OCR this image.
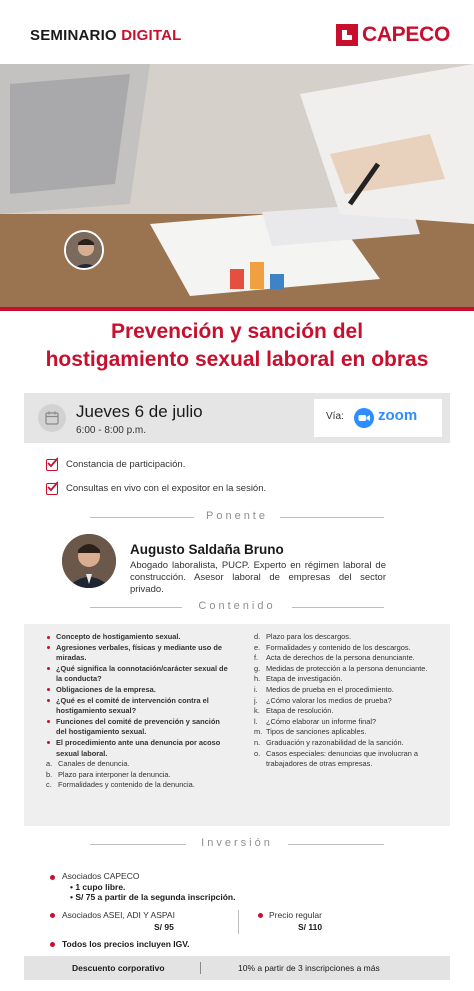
SEMINARIO DIGITAL	CAPECO
Prevención y sanción del
hostigamiento sexual laboral en obras
Jueves 6 de julio
6:00 - 8:00 p.m.
Vía: zoom
Constancia de participación.
Consultas en vivo con el expositor en la sesión.
Ponente
Augusto Saldaña Bruno
Abogado laboralista, PUCP. Experto en régimen laboral de construcción. Asesor laboral de empresas del sector privado.
Contenido
Concepto de hostigamiento sexual.
Agresiones verbales, físicas y mediante uso de miradas.
¿Qué significa la connotación/carácter sexual de la conducta?
Obligaciones de la empresa.
¿Qué es el comité de intervención contra el hostigamiento sexual?
Funciones del comité de prevención y sanción del hostigamiento sexual.
El procedimiento ante una denuncia por acoso sexual laboral.
a. Canales de denuncia.
b. Plazo para interponer la denuncia.
c. Formalidades y contenido de la denuncia.
d. Plazo para los descargos.
e. Formalidades y contenido de los descargos.
f. Acta de derechos de la persona denunciante.
g. Medidas de protección a la persona denunciante.
h. Etapa de investigación.
i. Medios de prueba en el procedimiento.
j. ¿Cómo valorar los medios de prueba?
k. Etapa de resolución.
l. ¿Cómo elaborar un informe final?
m. Tipos de sanciones aplicables.
n. Graduación y razonabilidad de la sanción.
o. Casos especiales: denuncias que involucran a trabajadores de otras empresas.
Inversión
Asociados CAPECO
• 1 cupo libre.
• S/ 75 a partir de la segunda inscripción.
Asociados ASEI, ADI Y ASPAI
S/ 95
Precio regular
S/ 110
Todos los precios incluyen IGV.
Descuento corporativo	10% a partir de 3 inscripciones a más
